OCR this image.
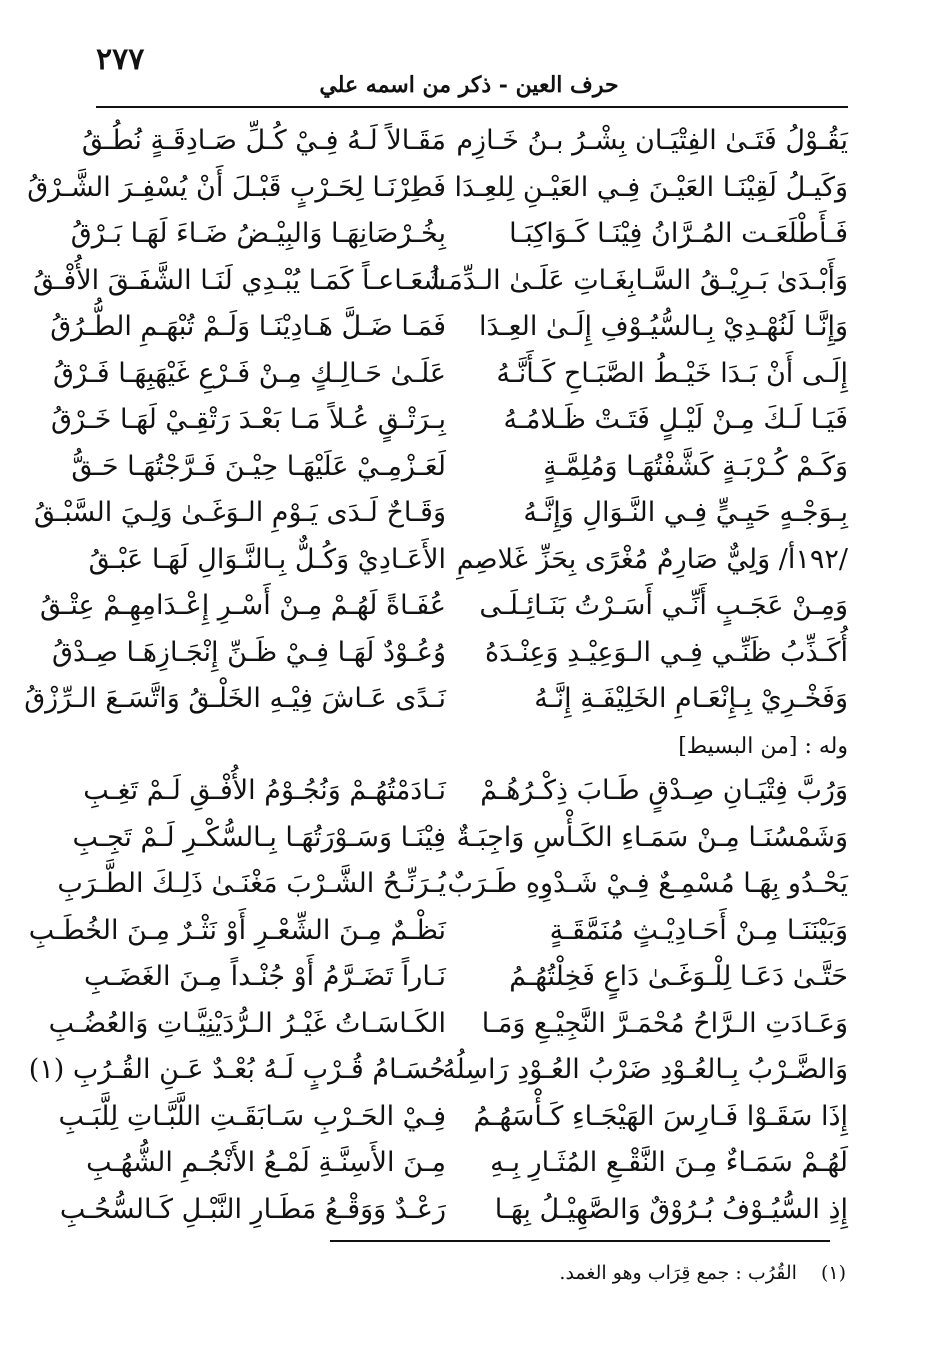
٢٧٧
حرف العين - ذكر من اسمه علي
يَقُـوْلُ فَتَـىٰ الفِتْيَـان بِشْـرُ بـنُ خَـازِم
وَكَيـلُ لَقِيْنَـا العَيْـنَ فِـي العَيْـنِ لِلعِـدَا
فَـأَطْلَعَـت المُـرَّانُ فِيْنَـا كَـوَاكِبَـا
وَأَبْـدَىٰ بَـرِيْـقُ السَّـابِغَـاتِ عَلَـىٰ الـدِّمَـا
وَإِنَّـا لَنُهْـدِيْ بِـالسُّيُـوْفِ إِلَـىٰ العِـدَا
إِلَـى أَنْ بَـدَا خَيْـطُ الصَّبَـاحِ كَـأَنَّـهُ
فَيَـا لَـكَ مِـنْ لَيْـلٍ فَتَـتْ ظَـلامُـهُ
وَكَـمْ كُـرْبَـةٍ كَشَّفْتُهَـا وَمُلِمَّـةٍ
بِـوَجْـهٍ حَيِـيٍّ فِـي النَّـوَالِ وَإِنَّـهُ
/١٩٢أ/ وَلِيٌّ صَارِمٌ مُغْرًى بِحَزِّ غَلاصِمِ
وَمِـنْ عَجَـبٍ أَنِّـي أَسَـرْتُ بَنَـائِـلَـى
أُكَـذِّبُ ظَنِّـي فِـي الـوَعِيْـدِ وَعِنْـدَهُ
وَفَخْـرِيْ بِـإِنْعَـامِ الخَلِيْفَـةِ إِنَّـهُ
مَقَـالاً لَـهُ فِـيْ كُـلِّ صَـادِقَـةٍ نُطُـقُ
فَطِرْنَـا لِحَـرْبٍ قَبْـلَ أَنْ يُسْفِـرَ الشَّـرْقُ
بِخُـرْصَانِهَـا وَالبِيْـضُ ضَـاءَ لَهَـا بَـرْقُ
شُعَـاعـاً كَمَـا يُبْـدِي لَنَـا الشَّفَـقَ الأُفْـقُ
فَمَـا ضَـلَّ هَـادِيْنَـا وَلَـمْ تُبْهَـمِ الطُّـرُقُ
عَلَـىٰ حَـالِـكٍ مِـنْ فَـرْعِ غَيْهَبِهَـا فَـرْقُ
بِـرَتْـقٍ عُـلاً مَـا بَعْـدَ رَتْقِـيْ لَهَـا خَـرْقُ
لَعَـزْمِـيْ عَلَيْهَـا حِيْـنَ فَـرَّجْتُهَـا حَـقُّ
وَقَـاحٌ لَـدَى يَـوْمِ الـوَغَـىٰ وَلِـيَ السَّبْـقُ
الأَعَـادِيْ وَكُـلٌّ بِـالنَّـوَالِ لَهَـا عَبْـقُ
عُفَـاةً لَهُـمْ مِـنْ أَسْـرِ إِعْـدَامِهِـمْ عِتْـقُ
وُعُـوْدٌ لَهَـا فِـيْ ظَـنِّ إِنْجَـازِهَـا صِـدْقُ
نَـدًى عَـاشَ فِيْـهِ الخَلْـقُ وَاتَّسَـعَ الـرِّزْقُ
وله : [من البسيط]
وَرُبَّ فِتْيَـانِ صِـدْقٍ طَـابَ ذِكْـرُهُـمْ
وَشَمْسُنَـا مِـنْ سَمَـاءِ الكَـأْسِ وَاجِبَـةٌ
يَحْـدُو بِهَـا مُسْمِـعٌ فِـيْ شَـدْوِهِ طَـرَبٌ
وَبَيْنَنَـا مِـنْ أَحَـادِيْـثٍ مُنَمَّقَـةٍ
حَتَّـىٰ دَعَـا لِلْـوَغَـىٰ دَاعٍ فَخِلْتُهُـمُ
وَعَـادَتِ الـرَّاحُ مُحْمَـرَّ النَّجِيْـعِ وَمَـا
وَالضَّـرْبُ بِـالعُـوْدِ ضَرْبُ العُـوْدِ رَاسِلُهُ
إِذَا سَقَـوْا فَـارِسَ الهَيْجَـاءِ كَـأْسَهُـمُ
لَهُـمْ سَمَـاءٌ مِـنَ النَّقْـعِ المُثَـارِ بِـهِ
إِذِ السُّيُـوْفُ بُـرُوْقٌ وَالصَّهِيْـلُ بِهَـا
نَـادَمْتُهُـمْ وَنُجُـوْمُ الأُفْـقِ لَـمْ تَغِـبِ
فِيْنَـا وَسَـوْرَتُهَـا بِـالسُّكْـرِ لَـمْ تَجِـبِ
يُـرَنِّـحُ الشَّـرْبَ مَغْنَـىٰ ذَلِـكَ الطَّـرَبِ
نَظْـمٌ مِـنَ الشِّعْـرِ أَوْ نَثْـرٌ مِـنَ الخُطَـبِ
نَـاراً تَضَـرَّمُ أَوْ جُنْـداً مِـنَ الغَضَـبِ
الكَـاسَـاتُ غَيْـرُ الـرُّدَيْنِيَّـاتِ وَالعُضُـبِ
حُسَـامُ قُـرْبٍ لَـهُ بُعْـدٌ عَـنِ القُـرُبِ (١)
فِـيْ الحَـرْبِ سَـابَقَـتِ اللَّبَّـاتِ لِلَّبَـبِ
مِـنَ الأَسِنَّـةِ لَمْـعُ الأَنْجُـمِ الشُّهُـبِ
رَعْـدٌ وَوَقْـعُ مَطَـارِ النَّبْـلِ كَـالسُّحُـبِ
(١) القُرُب : جمع قِرَاب وهو الغمد.
